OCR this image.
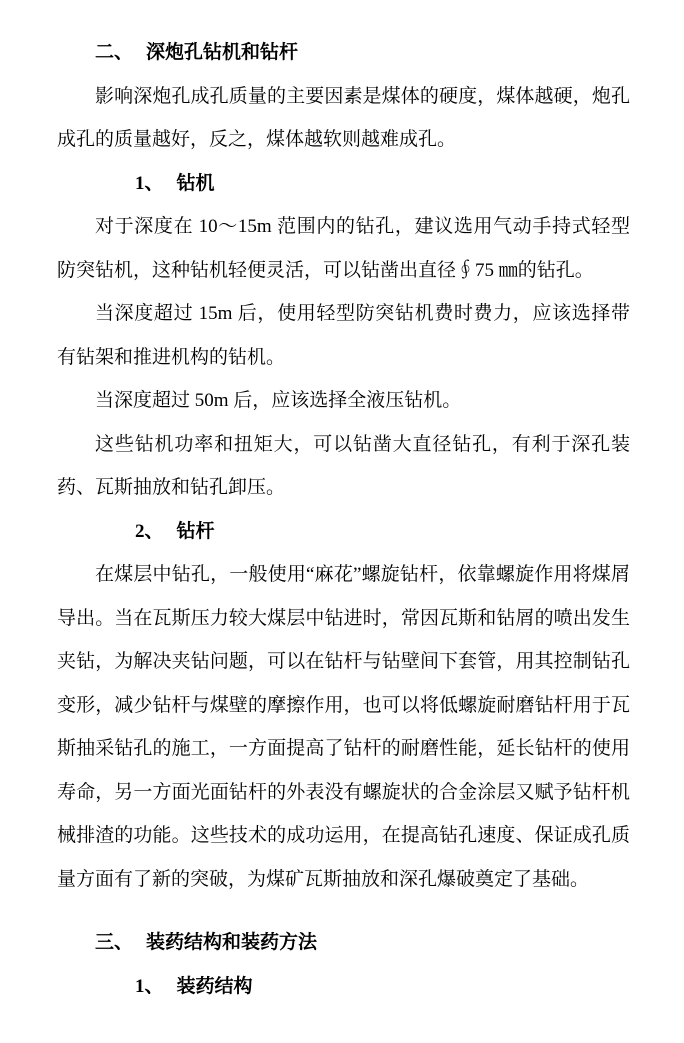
二、 深炮孔钻机和钻杆

影响深炮孔成孔质量的主要因素是煤体的硬度，煤体越硬，炮孔成孔的质量越好，反之，煤体越软则越难成孔。

1、 钻机

对于深度在 10～15m 范围内的钻孔，建议选用气动手持式轻型防突钻机，这种钻机轻便灵活，可以钻凿出直径∮75 ㎜的钻孔。

当深度超过 15m 后，使用轻型防突钻机费时费力，应该选择带有钻架和推进机构的钻机。

当深度超过 50m 后，应该选择全液压钻机。

这些钻机功率和扭矩大，可以钻凿大直径钻孔，有利于深孔装药、瓦斯抽放和钻孔卸压。

2、 钻杆

在煤层中钻孔，一般使用“麻花”螺旋钻杆，依靠螺旋作用将煤屑导出。当在瓦斯压力较大煤层中钻进时，常因瓦斯和钻屑的喷出发生夹钻，为解决夹钻问题，可以在钻杆与钻壁间下套管，用其控制钻孔变形，减少钻杆与煤壁的摩擦作用，也可以将低螺旋耐磨钻杆用于瓦斯抽采钻孔的施工，一方面提高了钻杆的耐磨性能，延长钻杆的使用寿命，另一方面光面钻杆的外表没有螺旋状的合金涂层又赋予钻杆机械排渣的功能。这些技术的成功运用，在提高钻孔速度、保证成孔质量方面有了新的突破，为煤矿瓦斯抽放和深孔爆破奠定了基础。

三、 装药结构和装药方法
1、 装药结构
